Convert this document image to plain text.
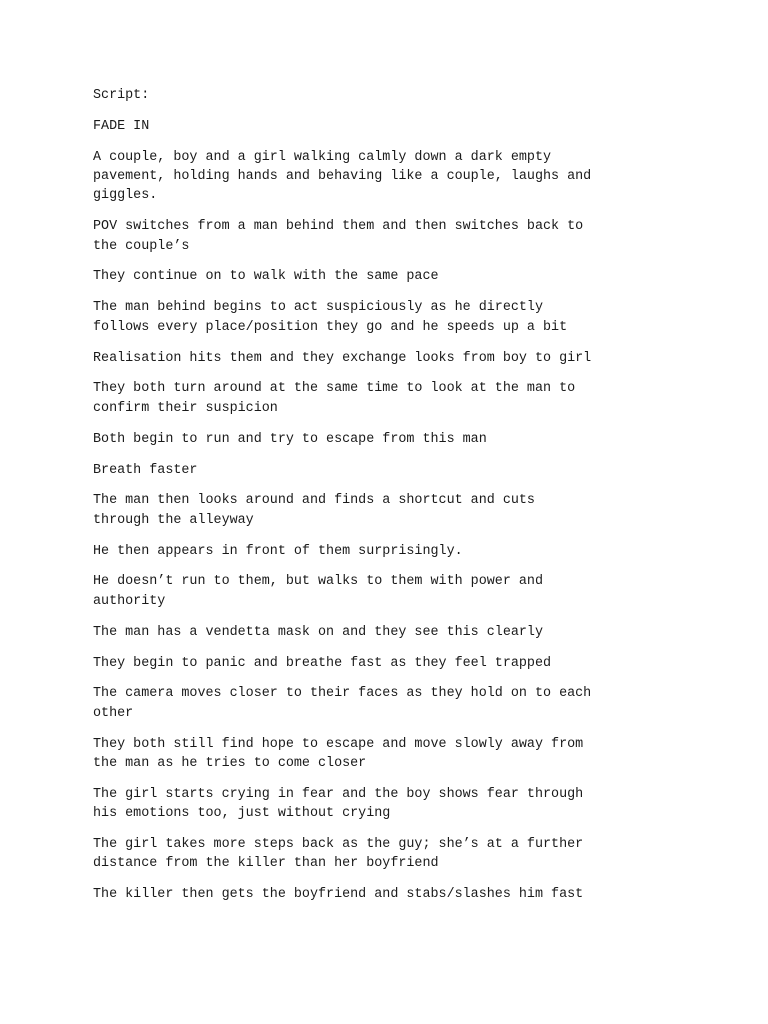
Script:

FADE IN

A couple, boy and a girl walking calmly down a dark empty
pavement, holding hands and behaving like a couple, laughs and
giggles.

POV switches from a man behind them and then switches back to
the couple’s

They continue on to walk with the same pace

The man behind begins to act suspiciously as he directly
follows every place/position they go and he speeds up a bit

Realisation hits them and they exchange looks from boy to girl

They both turn around at the same time to look at the man to
confirm their suspicion

Both begin to run and try to escape from this man

Breath faster

The man then looks around and finds a shortcut and cuts
through the alleyway

He then appears in front of them surprisingly.

He doesn’t run to them, but walks to them with power and
authority

The man has a vendetta mask on and they see this clearly

They begin to panic and breathe fast as they feel trapped

The camera moves closer to their faces as they hold on to each
other

They both still find hope to escape and move slowly away from
the man as he tries to come closer

The girl starts crying in fear and the boy shows fear through
his emotions too, just without crying

The girl takes more steps back as the guy; she’s at a further
distance from the killer than her boyfriend

The killer then gets the boyfriend and stabs/slashes him fast
